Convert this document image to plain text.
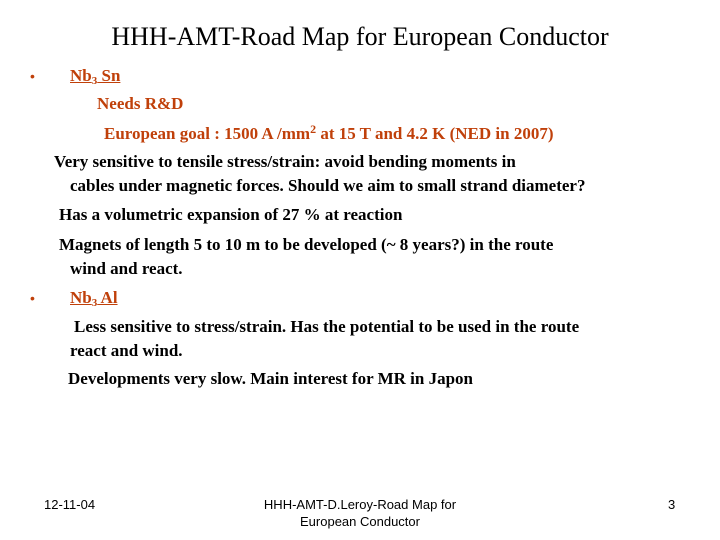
HHH-AMT-Road Map for European Conductor
• $Nb_3$ Sn
Needs R&D
European goal : 1500 A $/mm^2$ at 15 T and 4.2 K (NED in 2007)
Very sensitive to tensile stress/strain: avoid bending moments in
cables under magnetic forces. Should we aim to small strand diameter?
Has a volumetric expansion of 27 % at reaction
Magnets of length 5 to 10 m to be developed (~ 8 years?) in the route
wind and react.
• $Nb_3$ Al
Less sensitive to stress/strain. Has the potential to be used in the route
react and wind.
Developments very slow. Main interest for MR in Japon
12-11-04	HHH-AMT-D.Leroy-Road Map for
European Conductor
3
